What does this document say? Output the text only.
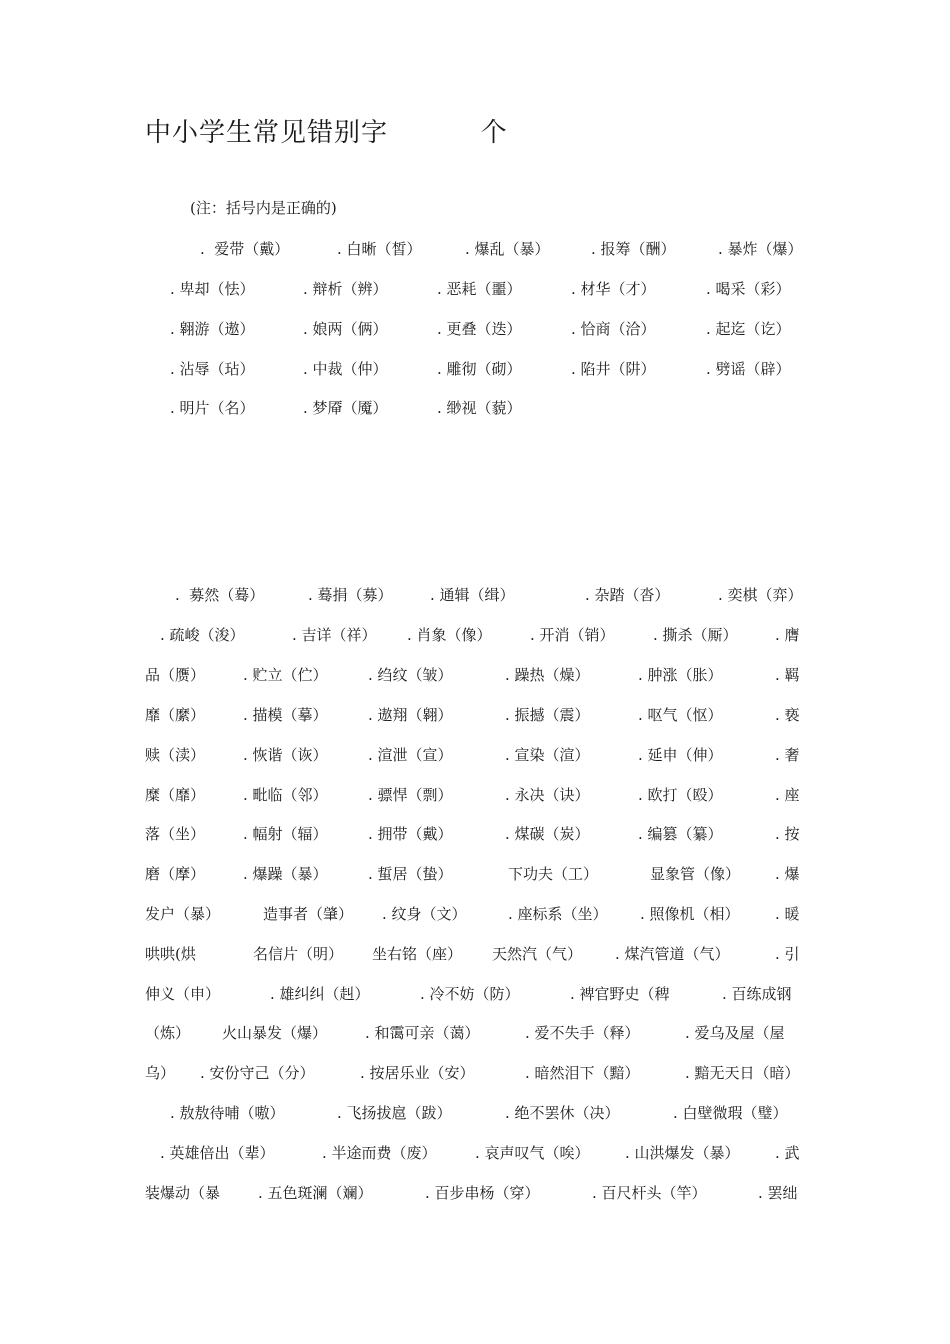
中小学生常见错别字          个
(注：括号内是正确的)
.  爱带（戴）	. 白晰（皙）	. 爆乱（暴）	. 报筹（酬）	. 暴炸（爆）
. 卑却（怯）	. 辩析（辨）	. 恶耗（噩）	. 材华（才）	. 喝采（彩）
. 翱游（遨）	. 娘两（俩）	. 更叠（迭）	. 恰商（洽）	. 起迄（讫）
. 沾辱（玷）	. 中裁（仲）	. 雕彻（砌）	. 陷井（阱）	. 劈谣（辟）
. 明片（名）	. 梦厣（魇）	. 缈视（藐）
.  募然（蓦）	. 蓦捐（募） . 通辑（缉）	. 杂踏（沓）	. 奕棋（弈）
. 疏峻（浚）	. 吉详（祥） . 肖象（像）	. 开消（销）	. 撕杀（厮） . 膺
品（赝）	. 贮立（伫）	. 绉纹（皱）	. 躁热（燥）	. 肿涨（胀）	. 羁
靡（縻）	. 描模（摹）	. 遨翔（翱）	. 振撼（震）	. 呕气（怄）	. 亵
赎（渎）	. 恢谐（诙）	. 渲泄（宣）	. 宣染（渲）	. 延申（伸）	. 奢
糜（靡）	. 毗临（邻）	. 骠悍（剽）	. 永决（诀）	. 欧打（殴）	. 座
落（坐）	. 幅射（辐）	. 拥带（戴）	. 煤碳（炭）	. 编篡（纂）	. 按
磨（摩）	. 爆躁（暴）	. 蜇居（蛰）	下功夫（工）	显象管（像） . 爆
发户（暴）	造事者（肇） . 纹身（文）	. 座标系（坐） . 照像机（相） . 暖
哄哄(烘	名信片（明） 坐右铭（座） 天然汽（气） . 煤汽管道（气）	. 引
伸义（申）	. 雄纠纠（赳）	. 冷不妨（防）	. 裨官野史（稗	. 百练成钢
（炼） 火山暴发（爆）	. 和霭可亲（蔼）	. 爱不失手（释）	. 爱乌及屋（屋
乌） . 安份守己（分）	. 按居乐业（安）	. 暗然泪下（黯）	. 黯无天日（暗）
. 敖敖待哺（嗷）	. 飞扬拔扈（跋）	. 绝不罢休（决）	. 白壁微瑕（璧）
. 英雄倍出（辈）	. 半途而费（废）	. 哀声叹气（唉） . 山洪爆发（暴） . 武
装爆动（暴	. 五色斑澜（斓）	. 百步串杨（穿）	. 百尺杆头（竿）	. 罢绌
